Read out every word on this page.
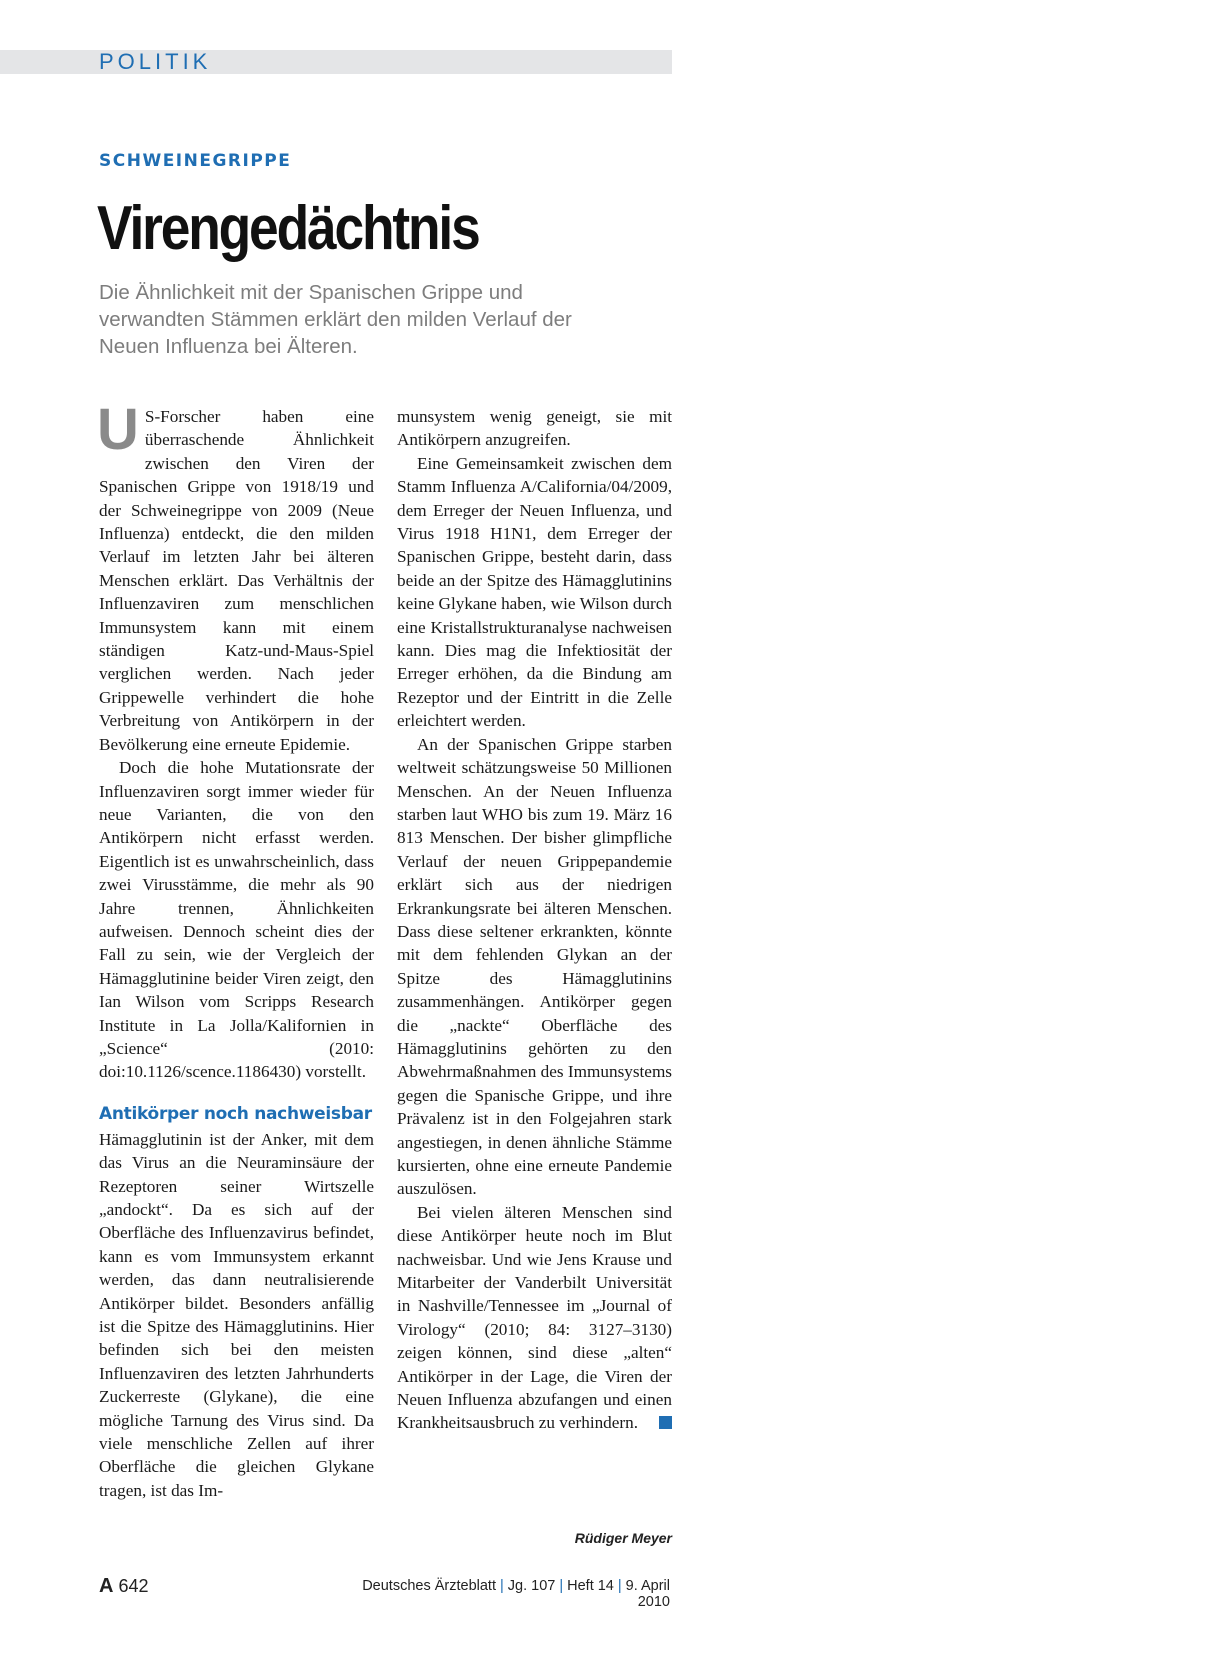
POLITIK
SCHWEINEGRIPPE
Virengedächtnis
Die Ähnlichkeit mit der Spanischen Grippe und verwandten Stämmen erklärt den milden Verlauf der Neuen Influenza bei Älteren.

U S-Forscher haben eine überraschende Ähnlichkeit zwischen den Viren der Spanischen Grippe von 1918/19 und der Schweinegrippe von 2009 (Neue Influenza) entdeckt, die den milden Verlauf im letzten Jahr bei älteren Menschen erklärt. Das Verhältnis der Influenzaviren zum menschlichen Immunsystem kann mit einem ständigen Katz-und-Maus-Spiel verglichen werden. Nach jeder Grippewelle verhindert die hohe Verbreitung von Antikörpern in der Bevölkerung eine erneute Epidemie.

Doch die hohe Mutationsrate der Influenzaviren sorgt immer wieder für neue Varianten, die von den Antikörpern nicht erfasst werden. Eigentlich ist es unwahrscheinlich, dass zwei Virusstämme, die mehr als 90 Jahre trennen, Ähnlichkeiten aufweisen. Dennoch scheint dies der Fall zu sein, wie der Vergleich der Hämagglutinine beider Viren zeigt, den Ian Wilson vom Scripps Research Institute in La Jolla/Kalifornien in „Science“ (2010: doi:10.1126/scence.1186430) vorstellt.

Antikörper noch nachweisbar

Hämagglutinin ist der Anker, mit dem das Virus an die Neuraminsäure der Rezeptoren seiner Wirtszelle „andockt“. Da es sich auf der Oberfläche des Influenzavirus befindet, kann es vom Immunsystem erkannt werden, das dann neutralisierende Antikörper bildet. Besonders anfällig ist die Spitze des Hämagglutinins. Hier befinden sich bei den meisten Influenzaviren des letzten Jahrhunderts Zuckerreste (Glykane), die eine mögliche Tarnung des Virus sind. Da viele menschliche Zellen auf ihrer Oberfläche die gleichen Glykane tragen, ist das Im-

munsystem wenig geneigt, sie mit Antikörpern anzugreifen.

Eine Gemeinsamkeit zwischen dem Stamm Influenza A/California/04/2009, dem Erreger der Neuen Influenza, und Virus 1918 H1N1, dem Erreger der Spanischen Grippe, besteht darin, dass beide an der Spitze des Hämagglutinins keine Glykane haben, wie Wilson durch eine Kristallstrukturanalyse nachweisen kann. Dies mag die Infektiosität der Erreger erhöhen, da die Bindung am Rezeptor und der Eintritt in die Zelle erleichtert werden.

An der Spanischen Grippe starben weltweit schätzungsweise 50 Millionen Menschen. An der Neuen Influenza starben laut WHO bis zum 19. März 16 813 Menschen. Der bisher glimpfliche Verlauf der neuen Grippepandemie erklärt sich aus der niedrigen Erkrankungsrate bei älteren Menschen. Dass diese seltener erkrankten, könnte mit dem fehlenden Glykan an der Spitze des Hämagglutinins zusammenhängen. Antikörper gegen die „nackte“ Oberfläche des Hämagglutinins gehörten zu den Abwehrmaßnahmen des Immunsystems gegen die Spanische Grippe, und ihre Prävalenz ist in den Folgejahren stark angestiegen, in denen ähnliche Stämme kursierten, ohne eine erneute Pandemie auszulösen.

Bei vielen älteren Menschen sind diese Antikörper heute noch im Blut nachweisbar. Und wie Jens Krause und Mitarbeiter der Vanderbilt Universität in Nashville/Tennessee im „Journal of Virology“ (2010; 84: 3127–3130) zeigen können, sind diese „alten“ Antikörper in der Lage, die Viren der Neuen Influenza abzufangen und einen Krankheitsausbruch zu verhindern.

Rüdiger Meyer
A 642	Deutsches Ärzteblatt | Jg. 107 | Heft 14 | 9. April 2010
